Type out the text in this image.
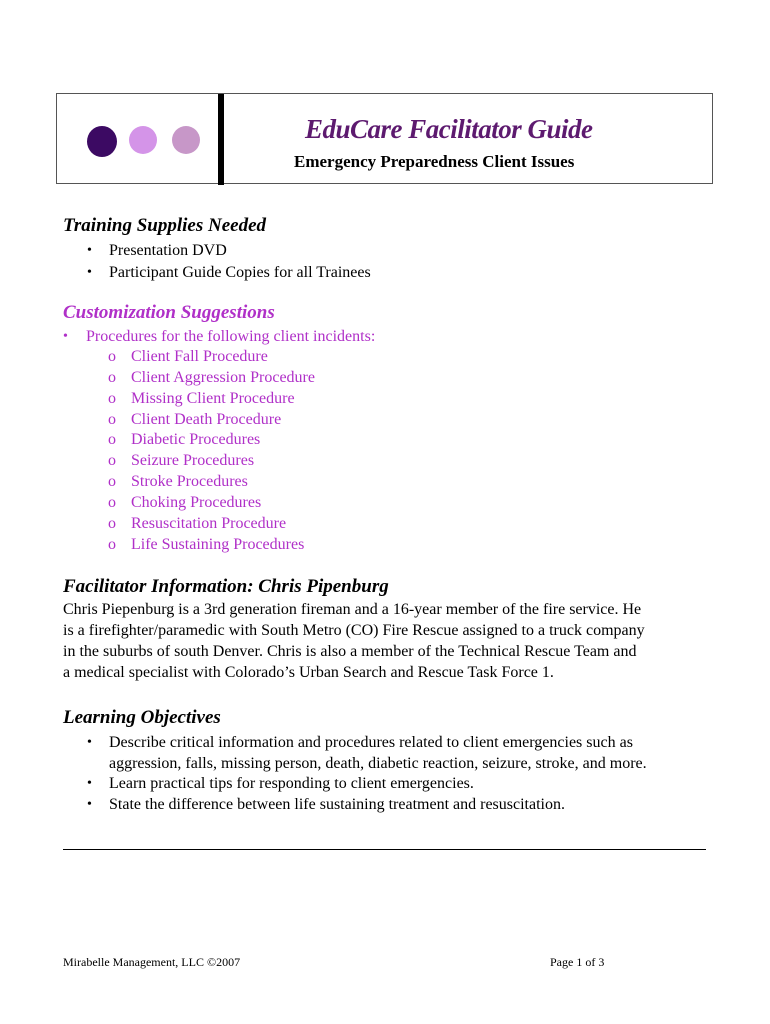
EduCare Facilitator Guide
Emergency Preparedness Client Issues
Training Supplies Needed
• Presentation DVD
• Participant Guide Copies for all Trainees
Customization Suggestions
• Procedures for the following client incidents:
o Client Fall Procedure
o Client Aggression Procedure
o Missing Client Procedure
o Client Death Procedure
o Diabetic Procedures
o Seizure Procedures
o Stroke Procedures
o Choking Procedures
o Resuscitation Procedure
o Life Sustaining Procedures
Facilitator Information: Chris Pipenburg
Chris Piepenburg is a 3rd generation fireman and a 16-year member of the fire service. He
is a firefighter/paramedic with South Metro (CO) Fire Rescue assigned to a truck company
in the suburbs of south Denver. Chris is also a member of the Technical Rescue Team and
a medical specialist with Colorado’s Urban Search and Rescue Task Force 1.
Learning Objectives
• Describe critical information and procedures related to client emergencies such as
aggression, falls, missing person, death, diabetic reaction, seizure, stroke, and more.
• Learn practical tips for responding to client emergencies.
• State the difference between life sustaining treatment and resuscitation.
Mirabelle Management, LLC ©2007	Page 1 of 3
